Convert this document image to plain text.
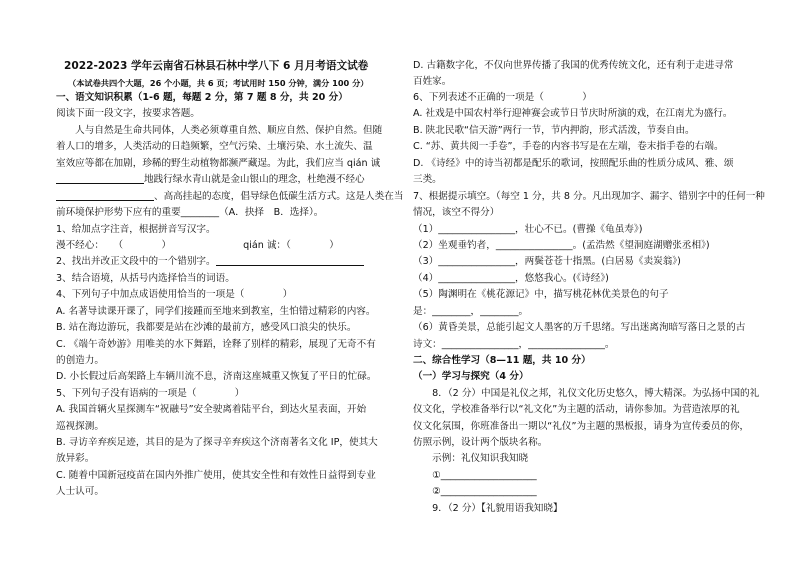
2022-2023 学年云南省石林县石林中学八下 6 月月考语文试卷
（本试卷共四个大题，26 个小题，共 6 页；考试用时 150 分钟，满分 100 分）
一、语文知识积累（1-6 题，每题 2 分，第 7 题 8 分，共 20 分）
阅读下面一段文字，按要求答题。
　　人与自然是生命共同体，人类必须尊重自然、顺应自然、保护自然。但随
着人口的增多，人类活动的日趋频繁，空气污染、土壤污染、水土流失、温
室效应等都在加剧，珍稀的野生动植物都濒严藏逞。为此，我们应当 qián 诚
地践行绿水青山就是金山银山的理念，杜绝漫不经心
、高高挂起的态度，倡导绿色低碳生活方式。这是人类在当
前环境保护形势下应有的重要________（A．抉择　B．选择）。
1、给加点字注音，根据拼音写汉字。
漫不经心：　　（　　　　）　　　　　　　　qián 诚：（　　　　）
2、找出并改正文段中的一个错别字。
3、结合语境，从括号内选择恰当的词语。
4、下列句子中加点成语使用恰当的一项是（　　　　）
A. 名著导读课开课了，同学们接踵而至地来到教室，生怕错过精彩的内容。
B. 站在海边游玩，我都要是站在沙滩的最前方，感受风口浪尖的快乐。
C. 《端午奇妙游》用唯美的水下舞蹈，诠释了别样的精彩，展现了无奇不有
的创造力。
D. 小长假过后高架路上车辆川流不息，济南这座城重又恢复了平日的忙碌。
5、下列句子没有语病的一项是（　　　　）
A. 我国首辆火星探测车“祝融号”安全驶离着陆平台，到达火星表面，开始
巡视探测。
B. 寻访辛弃疾足迹，其目的是为了探寻辛弃疾这个济南著名文化 IP，使其大
放异彩。
C. 随着中国新冠疫苗在国内外推广使用，使其安全性和有效性日益得到专业
人士认可。
D. 古籍数字化，不仅向世界传播了我国的优秀传统文化，还有利于走进寻常
百姓家。
6、下列表述不正确的一项是（　　　　）
A. 社戏是中国农村举行迎神赛会或节日节庆时所演的戏，在江南尤为盛行。
B. 陕北民歌“信天游”两行一节，节内押韵，形式活泼，节奏自由。
C. “苏、黄共阅一手卷”，手卷的内容书写是在左端，卷末指手卷的右端。
D. 《诗经》中的诗当初都是配乐的歌词，按照配乐曲的性质分成风、雅、颂
三类。
7、根据提示填空。（每空 1 分，共 8 分。凡出现加字、漏字、错别字中的任何一种
情况，该空不得分）
（1）________________，壮心不已。(曹操《龟虽寿》)
（2）坐观垂钓者，________________。(孟浩然《望洞庭湖赠张丞相》)
（3）________________，两鬓苍苍十指黑。(白居易《卖炭翁》)
（4）________________，悠悠我心。(《诗经》)
（5）陶渊明在《桃花源记》中，描写桃花林优美景色的句子
是：________，________。
（6）黄昏美景，总能引起文人墨客的万千思绪。写出迷离洵暗写落日之景的古
诗文：________________，________________。
二、综合性学习（8—11 题，共 10 分）
（一）学习与探究（4 分）
　　8．（2 分）中国是礼仪之邦，礼仪文化历史悠久，博大精深。为弘扬中国的礼
仪文化，学校准备举行以“礼文化”为主题的活动，请你参加。为营造浓厚的礼
仪文化氛围，你班准备出一期以“礼仪”为主题的黑板报，请身为宣传委员的你，
仿照示例，设计两个版块名称。
　　示例：礼仪知识我知晓
　　①____________________
　　②____________________
　　9．（2 分）【礼貌用语我知晓】
